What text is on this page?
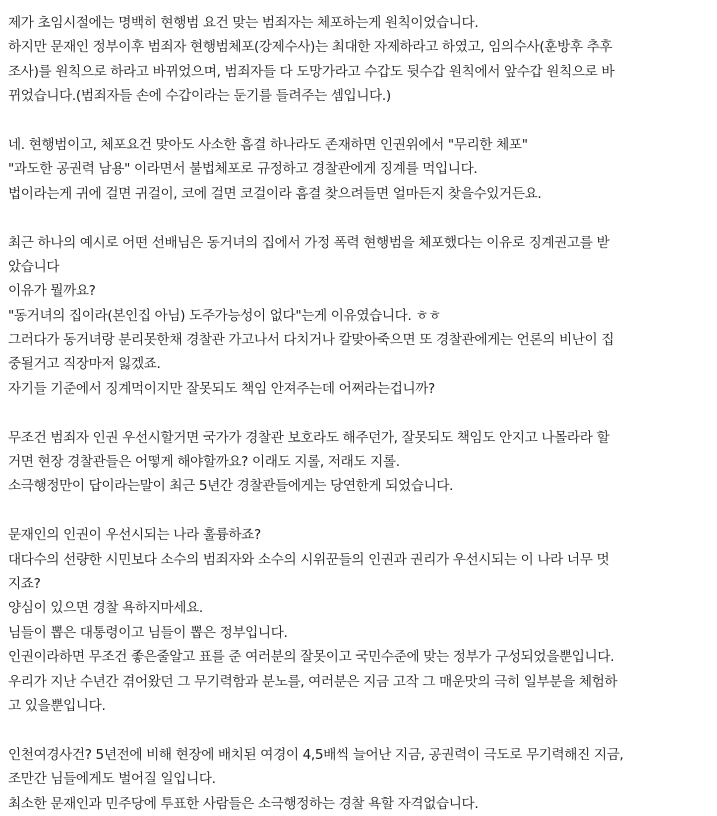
제가 초임시절에는 명백히 현행범 요건 맞는 범죄자는 체포하는게 원칙이었습니다.
하지만 문재인 정부이후 범죄자 현행범체포(강제수사)는 최대한 자제하라고 하였고, 임의수사(훈방후 추후
조사)를 원칙으로 하라고 바뀌었으며, 범죄자들 다 도망가라고 수갑도 뒷수갑 원칙에서 앞수갑 원칙으로 바
뀌었습니다.(범죄자들 손에 수갑이라는 둔기를 들려주는 셈입니다.)
네. 현행범이고, 체포요건 맞아도 사소한 흠결 하나라도 존재하면 인권위에서 "무리한 체포"
"과도한 공권력 남용" 이라면서 불법체포로 규정하고 경찰관에게 징계를 먹입니다.
법이라는게 귀에 걸면 귀걸이, 코에 걸면 코걸이라 흠결 찾으려들면 얼마든지 찾을수있거든요.
최근 하나의 예시로 어떤 선배님은 동거녀의 집에서 가정 폭력 현행범을 체포했다는 이유로 징계권고를 받
았습니다
이유가 뭘까요?
"동거녀의 집이라(본인집 아님) 도주가능성이 없다"는게 이유였습니다. ㅎㅎ
그러다가 동거녀랑 분리못한채 경찰관 가고나서 다치거나 칼맞아죽으면 또 경찰관에게는 언론의 비난이 집
중될거고 직장마저 잃겠죠.
자기들 기준에서 징계먹이지만 잘못되도 책임 안져주는데 어쩌라는겁니까?
무조건 범죄자 인권 우선시할거면 국가가 경찰관 보호라도 해주던가, 잘못되도 책임도 안지고 나몰라라 할
거면 현장 경찰관들은 어떻게 해야할까요? 이래도 지롤, 저래도 지롤.
소극행정만이 답이라는말이 최근 5년간 경찰관들에게는 당연한게 되었습니다.
문재인의 인권이 우선시되는 나라 훌륭하죠?
대다수의 선량한 시민보다 소수의 범죄자와 소수의 시위꾼들의 인권과 권리가 우선시되는 이 나라 너무 멋
지죠?
양심이 있으면 경찰 욕하지마세요.
님들이 뽑은 대통령이고 님들이 뽑은 정부입니다.
인권이라하면 무조건 좋은줄알고 표를 준 여러분의 잘못이고 국민수준에 맞는 정부가 구성되었을뿐입니다.
우리가 지난 수년간 겪어왔던 그 무기력함과 분노를, 여러분은 지금 고작 그 매운맛의 극히 일부분을 체험하
고 있을뿐입니다.
인천여경사건? 5년전에 비해 현장에 배치된 여경이 4,5배씩 늘어난 지금, 공권력이 극도로 무기력해진 지금,
조만간 님들에게도 벌어질 일입니다.
최소한 문재인과 민주당에 투표한 사람들은 소극행정하는 경찰 욕할 자격없습니다.
